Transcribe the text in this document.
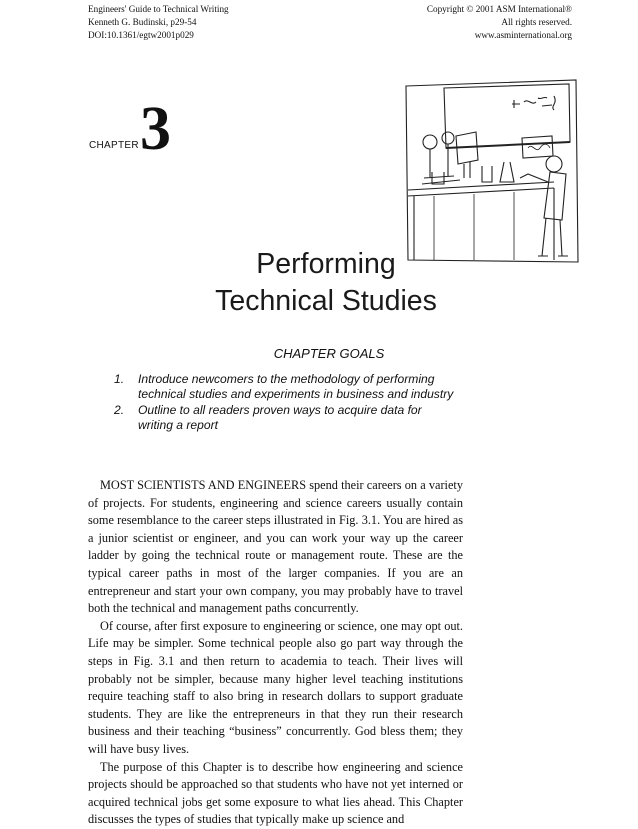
Engineers' Guide to Technical Writing
Kenneth G. Budinski, p29-54
DOI:10.1361/egtw2001p029
Copyright © 2001 ASM International®
All rights reserved.
www.asminternational.org
CHAPTER 3
Performing
Technical Studies
CHAPTER GOALS
1.	Introduce newcomers to the methodology of performing technical studies and experiments in business and industry
2.	Outline to all readers proven ways to acquire data for writing a report

MOST SCIENTISTS AND ENGINEERS spend their careers on a variety of projects. For students, engineering and science careers usually contain some resemblance to the career steps illustrated in Fig. 3.1. You are hired as a junior scientist or engineer, and you can work your way up the career ladder by going the technical route or management route. These are the typical career paths in most of the larger companies. If you are an entrepreneur and start your own company, you may probably have to travel both the technical and management paths concurrently.

Of course, after first exposure to engineering or science, one may opt out. Life may be simpler. Some technical people also go part way through the steps in Fig. 3.1 and then return to academia to teach. Their lives will probably not be simpler, because many higher level teaching institutions require teaching staff to also bring in research dollars to support graduate students. They are like the entrepreneurs in that they run their research business and their teaching “business” concurrently. God bless them; they will have busy lives.

The purpose of this Chapter is to describe how engineering and science projects should be approached so that students who have not yet interned or acquired technical jobs get some exposure to what lies ahead. This Chapter discusses the types of studies that typically make up science and
